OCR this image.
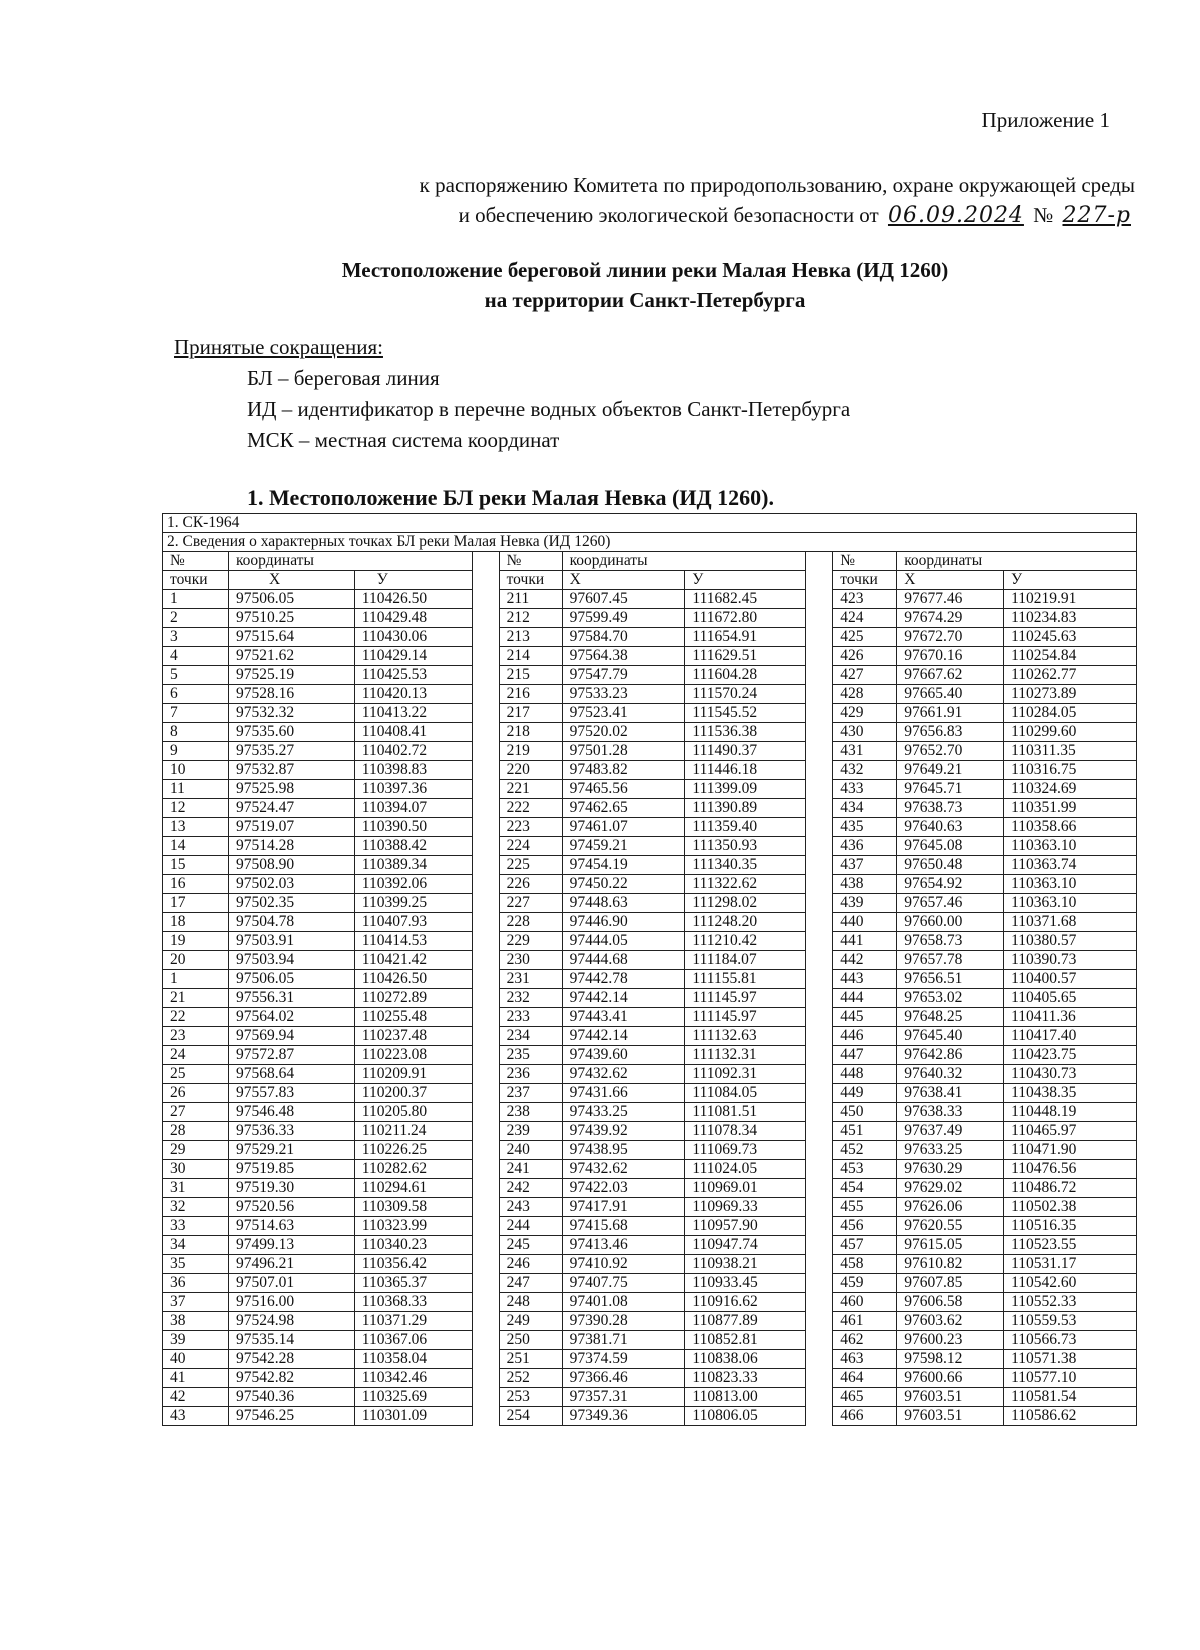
Приложение 1
к распоряжению Комитета по природопользованию, охране окружающей среды
и обеспечению экологической безопасности от 06.09.2024 № 227-р
Местоположение береговой линии реки Малая Невка (ИД 1260)
на территории Санкт-Петербурга
Принятые сокращения:
БЛ – береговая линия
ИД – идентификатор в перечне водных объектов Санкт-Петербурга
МСК – местная система координат
1. Местоположение БЛ реки Малая Невка (ИД 1260).
1. СК-1964										
2. Сведения о характерных точках БЛ реки Малая Невка (ИД 1260)										
№	координаты			№	координаты			№	координаты	
точки	Х	У		точки	Х	У		точки	Х	У
1	97506.05	110426.50		211	97607.45	111682.45		423	97677.46	110219.91
2	97510.25	110429.48		212	97599.49	111672.80		424	97674.29	110234.83
3	97515.64	110430.06		213	97584.70	111654.91		425	97672.70	110245.63
4	97521.62	110429.14		214	97564.38	111629.51		426	97670.16	110254.84
5	97525.19	110425.53		215	97547.79	111604.28		427	97667.62	110262.77
6	97528.16	110420.13		216	97533.23	111570.24		428	97665.40	110273.89
7	97532.32	110413.22		217	97523.41	111545.52		429	97661.91	110284.05
8	97535.60	110408.41		218	97520.02	111536.38		430	97656.83	110299.60
9	97535.27	110402.72		219	97501.28	111490.37		431	97652.70	110311.35
10	97532.87	110398.83		220	97483.82	111446.18		432	97649.21	110316.75
11	97525.98	110397.36		221	97465.56	111399.09		433	97645.71	110324.69
12	97524.47	110394.07		222	97462.65	111390.89		434	97638.73	110351.99
13	97519.07	110390.50		223	97461.07	111359.40		435	97640.63	110358.66
14	97514.28	110388.42		224	97459.21	111350.93		436	97645.08	110363.10
15	97508.90	110389.34		225	97454.19	111340.35		437	97650.48	110363.74
16	97502.03	110392.06		226	97450.22	111322.62		438	97654.92	110363.10
17	97502.35	110399.25		227	97448.63	111298.02		439	97657.46	110363.10
18	97504.78	110407.93		228	97446.90	111248.20		440	97660.00	110371.68
19	97503.91	110414.53		229	97444.05	111210.42		441	97658.73	110380.57
20	97503.94	110421.42		230	97444.68	111184.07		442	97657.78	110390.73
1	97506.05	110426.50		231	97442.78	111155.81		443	97656.51	110400.57
21	97556.31	110272.89		232	97442.14	111145.97		444	97653.02	110405.65
22	97564.02	110255.48		233	97443.41	111145.97		445	97648.25	110411.36
23	97569.94	110237.48		234	97442.14	111132.63		446	97645.40	110417.40
24	97572.87	110223.08		235	97439.60	111132.31		447	97642.86	110423.75
25	97568.64	110209.91		236	97432.62	111092.31		448	97640.32	110430.73
26	97557.83	110200.37		237	97431.66	111084.05		449	97638.41	110438.35
27	97546.48	110205.80		238	97433.25	111081.51		450	97638.33	110448.19
28	97536.33	110211.24		239	97439.92	111078.34		451	97637.49	110465.97
29	97529.21	110226.25		240	97438.95	111069.73		452	97633.25	110471.90
30	97519.85	110282.62		241	97432.62	111024.05		453	97630.29	110476.56
31	97519.30	110294.61		242	97422.03	110969.01		454	97629.02	110486.72
32	97520.56	110309.58		243	97417.91	110969.33		455	97626.06	110502.38
33	97514.63	110323.99		244	97415.68	110957.90		456	97620.55	110516.35
34	97499.13	110340.23		245	97413.46	110947.74		457	97615.05	110523.55
35	97496.21	110356.42		246	97410.92	110938.21		458	97610.82	110531.17
36	97507.01	110365.37		247	97407.75	110933.45		459	97607.85	110542.60
37	97516.00	110368.33		248	97401.08	110916.62		460	97606.58	110552.33
38	97524.98	110371.29		249	97390.28	110877.89		461	97603.62	110559.53
39	97535.14	110367.06		250	97381.71	110852.81		462	97600.23	110566.73
40	97542.28	110358.04		251	97374.59	110838.06		463	97598.12	110571.38
41	97542.82	110342.46		252	97366.46	110823.33		464	97600.66	110577.10
42	97540.36	110325.69		253	97357.31	110813.00		465	97603.51	110581.54
43	97546.25	110301.09		254	97349.36	110806.05		466	97603.51	110586.62
